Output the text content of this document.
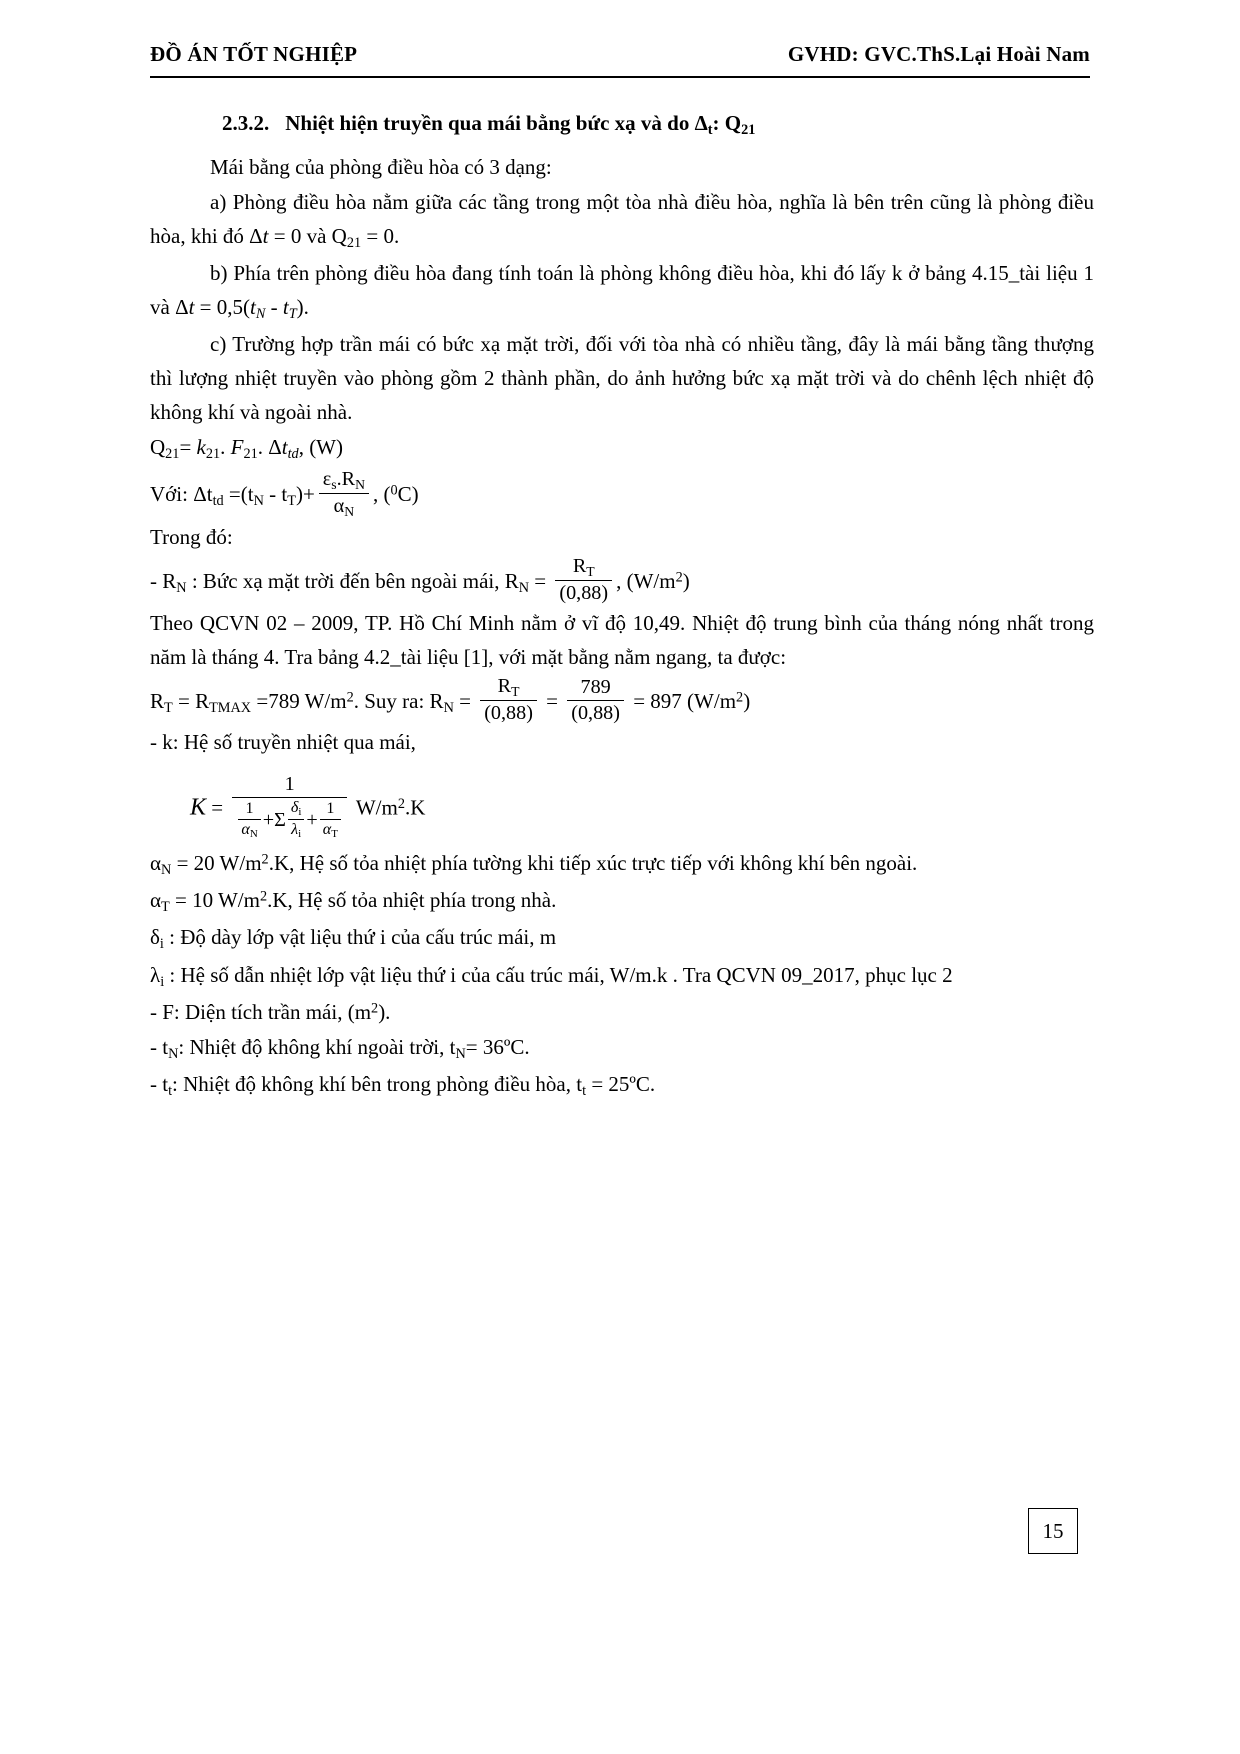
ĐỒ ÁN TỐT NGHIỆP	GVHD: GVC.ThS.Lại Hoài Nam
2.3.2. Nhiệt hiện truyền qua mái bằng bức xạ và do $\Delta_t$: $Q_{21}$

Mái bằng của phòng điều hòa có 3 dạng:

a) Phòng điều hòa nằm giữa các tầng trong một tòa nhà điều hòa, nghĩa là bên trên cũng là phòng điều hòa, khi đó Δt = 0 và $Q_{21} = 0$.

b) Phía trên phòng điều hòa đang tính toán là phòng không điều hòa, khi đó lấy k ở bảng 4.15_tài liệu 1 và $\Delta t = 0,5(t_N - t_T)$.

c) Trường hợp trần mái có bức xạ mặt trời, đối với tòa nhà có nhiều tầng, đây là mái bằng tầng thượng thì lượng nhiệt truyền vào phòng gồm 2 thành phần, do ảnh hưởng bức xạ mặt trời và do chênh lệch nhiệt độ không khí và ngoài nhà.

$Q_{21}= k_{21}$. $F_{21}$. $\Delta t_{td}$, (W)

Với: $\Delta t_{td} =(t_N - t_T)+ \frac{\varepsilon_s.R_N}{\alpha_N}$ , ($^0$C)

Trong đó:

- $R_N$ : Bức xạ mặt trời đến bên ngoài mái, $R_N = \frac{R_T}{(0,88)}$ , $(W/m^2)$

Theo QCVN 02 – 2009, TP. Hồ Chí Minh nằm ở vĩ độ 10,49. Nhiệt độ trung bình của tháng nóng nhất trong năm là tháng 4. Tra bảng 4.2_tài liệu [1], với mặt bằng nằm ngang, ta được:

$R_T = R_{TMAX} =789$ $W/m^2$. Suy ra: $R_N = \frac{R_T}{(0,88)} = \frac{789}{(0,88)} = 897$ $(W/m^2)$

- k: Hệ số truyền nhiệt qua mái,

$K = \frac{1}{\frac{1}{\alpha_N} +\Sigma \frac{\delta_i}{\lambda_i} + \frac{1}{\alpha_T}} W/m^2.K$

$\alpha_N = 20$ $W/m^2.K$, Hệ số tỏa nhiệt phía tường khi tiếp xúc trực tiếp với không khí bên ngoài.

$\alpha_T = 10$ $W/m^2.K$, Hệ số tỏa nhiệt phía trong nhà.

$\delta_i$ : Độ dày lớp vật liệu thứ i của cấu trúc mái, m

$\lambda_i$ : Hệ số dẫn nhiệt lớp vật liệu thứ i của cấu trúc mái, W/m.k . Tra QCVN 09_2017, phục lục 2

- F: Diện tích trần mái, $(m^2)$.

- $t_N$: Nhiệt độ không khí ngoài trời, $t_N=$ 36ºC.

- $t_t$: Nhiệt độ không khí bên trong phòng điều hòa, $t_t$ = 25ºC.

15
